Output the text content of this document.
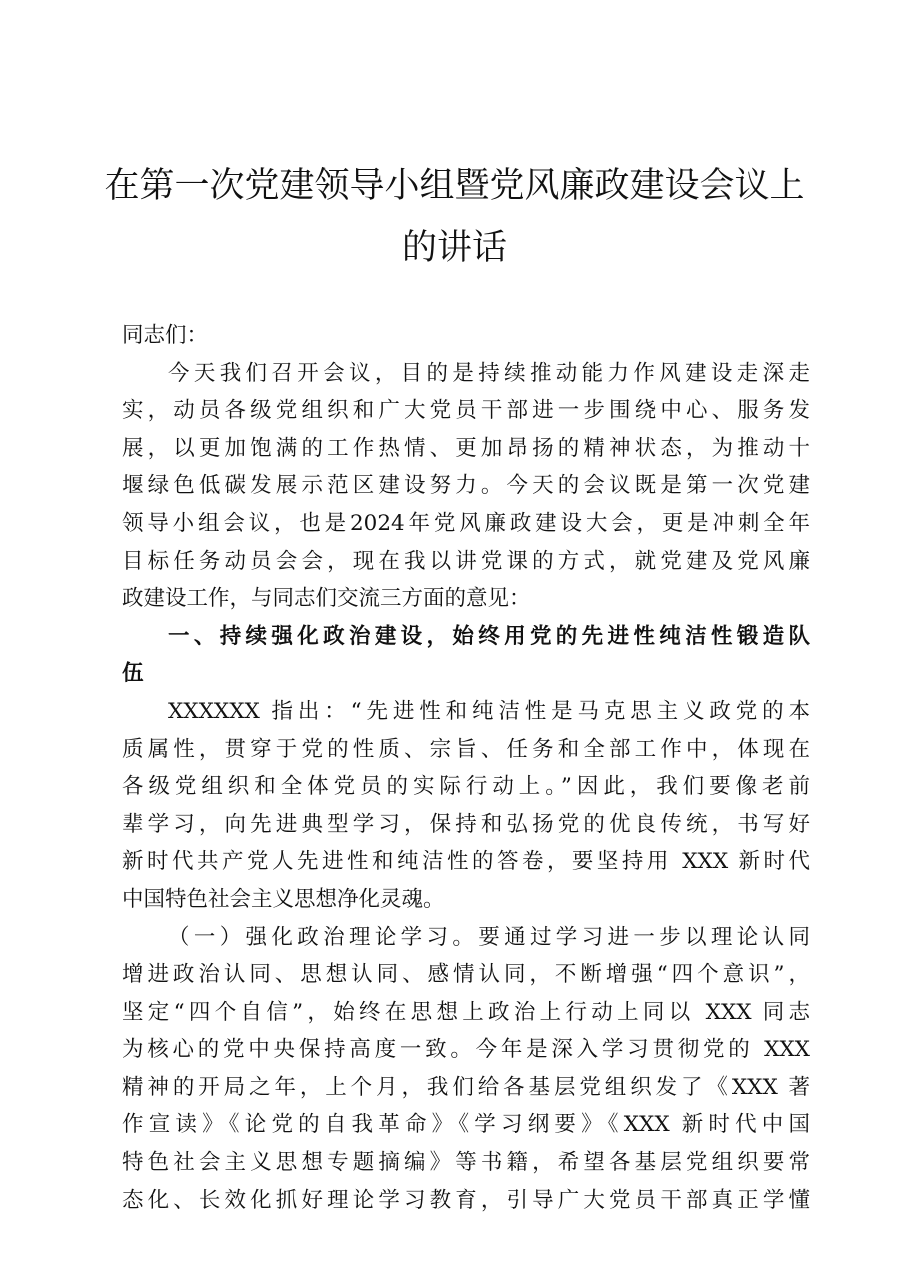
在第一次党建领导小组暨党风廉政建设会议上
的讲话
同志们：
今天我们召开会议，目的是持续推动能力作风建设走深走
实，动员各级党组织和广大党员干部进一步围绕中心、服务发
展，以更加饱满的工作热情、更加昂扬的精神状态，为推动十
堰绿色低碳发展示范区建设努力。今天的会议既是第一次党建
领导小组会议，也是2024年党风廉政建设大会，更是冲刺全年
目标任务动员会会，现在我以讲党课的方式，就党建及党风廉
政建设工作，与同志们交流三方面的意见：
一、持续强化政治建设，始终用党的先进性纯洁性锻造队
伍
XXXXXX 指出：“先进性和纯洁性是马克思主义政党的本
质属性，贯穿于党的性质、宗旨、任务和全部工作中，体现在
各级党组织和全体党员的实际行动上。”因此，我们要像老前
辈学习，向先进典型学习，保持和弘扬党的优良传统，书写好
新时代共产党人先进性和纯洁性的答卷，要坚持用 XXX 新时代
中国特色社会主义思想净化灵魂。
（一）强化政治理论学习。要通过学习进一步以理论认同
增进政治认同、思想认同、感情认同，不断增强“四个意识”，
坚定“四个自信”，始终在思想上政治上行动上同以 XXX 同志
为核心的党中央保持高度一致。今年是深入学习贯彻党的 XXX
精神的开局之年，上个月，我们给各基层党组织发了《XXX 著
作宣读》《论党的自我革命》《学习纲要》《XXX 新时代中国
特色社会主义思想专题摘编》等书籍，希望各基层党组织要常
态化、长效化抓好理论学习教育，引导广大党员干部真正学懂
